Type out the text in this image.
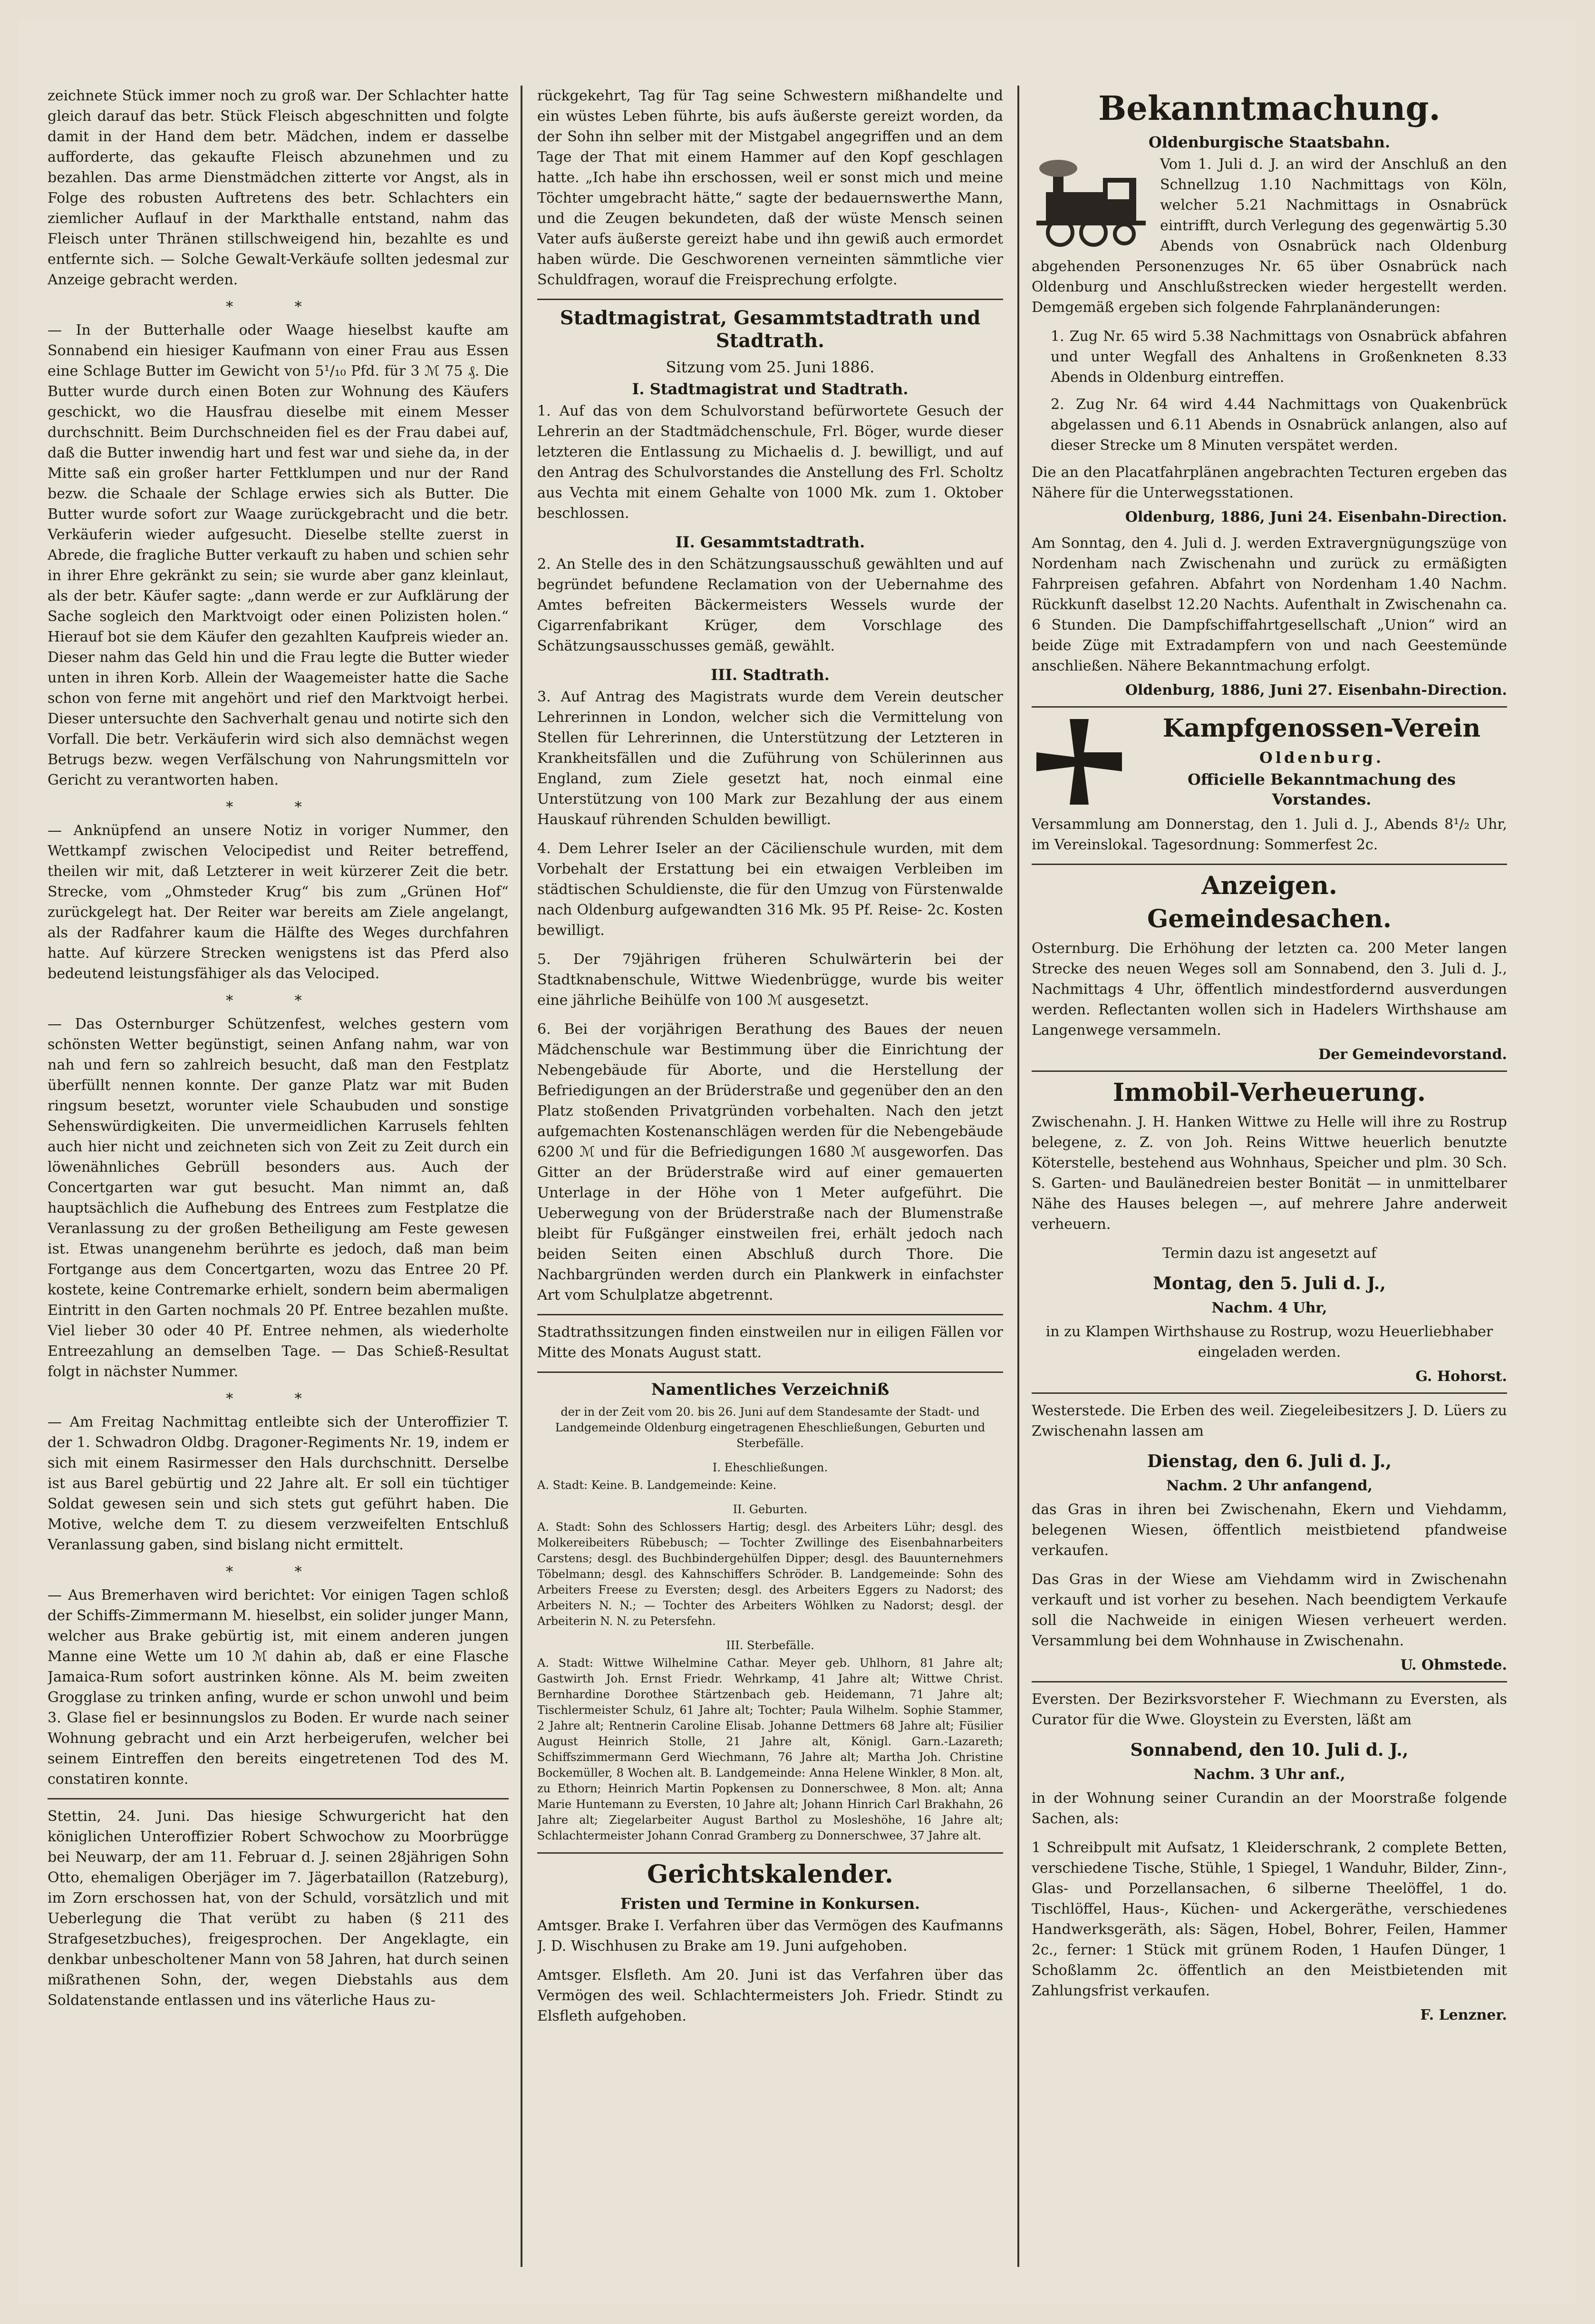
zeichnete Stück immer noch zu groß war. Der Schlachter hatte gleich darauf das betr. Stück Fleisch abgeschnitten und folgte damit in der Hand dem betr. Mädchen, indem er dasselbe aufforderte, das gekaufte Fleisch abzunehmen und zu bezahlen. Das arme Dienstmädchen zitterte vor Angst, als in Folge des robusten Auftretens des betr. Schlachters ein ziemlicher Auflauf in der Markthalle entstand, nahm das Fleisch unter Thränen stillschweigend hin, bezahlte es und entfernte sich. — Solche Gewalt-Verkäufe sollten jedesmal zur Anzeige gebracht werden.

* *

— In der Butterhalle oder Waage hieselbst kaufte am Sonnabend ein hiesiger Kaufmann von einer Frau aus Essen eine Schlage Butter im Gewicht von 5¹/₁₀ Pfd. für 3 ℳ 75 ₰. Die Butter wurde durch einen Boten zur Wohnung des Käufers geschickt, wo die Hausfrau dieselbe mit einem Messer durchschnitt. Beim Durchschneiden fiel es der Frau dabei auf, daß die Butter inwendig hart und fest war und siehe da, in der Mitte saß ein großer harter Fettklumpen und nur der Rand bezw. die Schaale der Schlage erwies sich als Butter. Die Butter wurde sofort zur Waage zurückgebracht und die betr. Verkäuferin wieder aufgesucht. Dieselbe stellte zuerst in Abrede, die fragliche Butter verkauft zu haben und schien sehr in ihrer Ehre gekränkt zu sein; sie wurde aber ganz kleinlaut, als der betr. Käufer sagte: „dann werde er zur Aufklärung der Sache sogleich den Marktvoigt oder einen Polizisten holen.“ Hierauf bot sie dem Käufer den gezahlten Kaufpreis wieder an. Dieser nahm das Geld hin und die Frau legte die Butter wieder unten in ihren Korb. Allein der Waagemeister hatte die Sache schon von ferne mit angehört und rief den Marktvoigt herbei. Dieser untersuchte den Sachverhalt genau und notirte sich den Vorfall. Die betr. Verkäuferin wird sich also demnächst wegen Betrugs bezw. wegen Verfälschung von Nahrungsmitteln vor Gericht zu verantworten haben.

* *

— Anknüpfend an unsere Notiz in voriger Nummer, den Wettkampf zwischen Velocipedist und Reiter betreffend, theilen wir mit, daß Letzterer in weit kürzerer Zeit die betr. Strecke, vom „Ohmsteder Krug“ bis zum „Grünen Hof“ zurückgelegt hat. Der Reiter war bereits am Ziele angelangt, als der Radfahrer kaum die Hälfte des Weges durchfahren hatte. Auf kürzere Strecken wenigstens ist das Pferd also bedeutend leistungsfähiger als das Velociped.

* *

— Das Osternburger Schützenfest, welches gestern vom schönsten Wetter begünstigt, seinen Anfang nahm, war von nah und fern so zahlreich besucht, daß man den Festplatz überfüllt nennen konnte. Der ganze Platz war mit Buden ringsum besetzt, worunter viele Schaubuden und sonstige Sehenswürdigkeiten. Die unvermeidlichen Karrusels fehlten auch hier nicht und zeichneten sich von Zeit zu Zeit durch ein löwenähnliches Gebrüll besonders aus. Auch der Concertgarten war gut besucht. Man nimmt an, daß hauptsächlich die Aufhebung des Entrees zum Festplatze die Veranlassung zu der großen Betheiligung am Feste gewesen ist. Etwas unangenehm berührte es jedoch, daß man beim Fortgange aus dem Concertgarten, wozu das Entree 20 Pf. kostete, keine Contremarke erhielt, sondern beim abermaligen Eintritt in den Garten nochmals 20 Pf. Entree bezahlen mußte. Viel lieber 30 oder 40 Pf. Entree nehmen, als wiederholte Entreezahlung an demselben Tage. — Das Schieß-Resultat folgt in nächster Nummer.

* *

— Am Freitag Nachmittag entleibte sich der Unteroffizier T. der 1. Schwadron Oldbg. Dragoner-Regiments Nr. 19, indem er sich mit einem Rasirmesser den Hals durchschnitt. Derselbe ist aus Barel gebürtig und 22 Jahre alt. Er soll ein tüchtiger Soldat gewesen sein und sich stets gut geführt haben. Die Motive, welche dem T. zu diesem verzweifelten Entschluß Veranlassung gaben, sind bislang nicht ermittelt.

* *

— Aus Bremerhaven wird berichtet: Vor einigen Tagen schloß der Schiffs-Zimmermann M. hieselbst, ein solider junger Mann, welcher aus Brake gebürtig ist, mit einem anderen jungen Manne eine Wette um 10 ℳ dahin ab, daß er eine Flasche Jamaica-Rum sofort austrinken könne. Als M. beim zweiten Grogglase zu trinken anfing, wurde er schon unwohl und beim 3. Glase fiel er besinnungslos zu Boden. Er wurde nach seiner Wohnung gebracht und ein Arzt herbeigerufen, welcher bei seinem Eintreffen den bereits eingetretenen Tod des M. constatiren konnte.

Stettin, 24. Juni. Das hiesige Schwurgericht hat den königlichen Unteroffizier Robert Schwochow zu Moorbrügge bei Neuwarp, der am 11. Februar d. J. seinen 28jährigen Sohn Otto, ehemaligen Oberjäger im 7. Jägerbataillon (Ratzeburg), im Zorn erschossen hat, von der Schuld, vorsätzlich und mit Ueberlegung die That verübt zu haben (§ 211 des Strafgesetzbuches), freigesprochen. Der Angeklagte, ein denkbar unbescholtener Mann von 58 Jahren, hat durch seinen mißrathenen Sohn, der, wegen Diebstahls aus dem Soldatenstande entlassen und ins väterliche Haus zu-

rückgekehrt, Tag für Tag seine Schwestern mißhandelte und ein wüstes Leben führte, bis aufs äußerste gereizt worden, da der Sohn ihn selber mit der Mistgabel angegriffen und an dem Tage der That mit einem Hammer auf den Kopf geschlagen hatte. „Ich habe ihn erschossen, weil er sonst mich und meine Töchter umgebracht hätte,“ sagte der bedauernswerthe Mann, und die Zeugen bekundeten, daß der wüste Mensch seinen Vater aufs äußerste gereizt habe und ihn gewiß auch ermordet haben würde. Die Geschworenen verneinten sämmtliche vier Schuldfragen, worauf die Freisprechung erfolgte.

Stadtmagistrat, Gesammtstadtrath und Stadtrath.
Sitzung vom 25. Juni 1886.
I. Stadtmagistrat und Stadtrath.

1. Auf das von dem Schulvorstand befürwortete Gesuch der Lehrerin an der Stadtmädchenschule, Frl. Böger, wurde dieser letzteren die Entlassung zu Michaelis d. J. bewilligt, und auf den Antrag des Schulvorstandes die Anstellung des Frl. Scholtz aus Vechta mit einem Gehalte von 1000 Mk. zum 1. Oktober beschlossen.

II. Gesammtstadtrath.

2. An Stelle des in den Schätzungsausschuß gewählten und auf begründet befundene Reclamation von der Uebernahme des Amtes befreiten Bäckermeisters Wessels wurde der Cigarrenfabrikant Krüger, dem Vorschlage des Schätzungsausschusses gemäß, gewählt.

III. Stadtrath.

3. Auf Antrag des Magistrats wurde dem Verein deutscher Lehrerinnen in London, welcher sich die Vermittelung von Stellen für Lehrerinnen, die Unterstützung der Letzteren in Krankheitsfällen und die Zuführung von Schülerinnen aus England, zum Ziele gesetzt hat, noch einmal eine Unterstützung von 100 Mark zur Bezahlung der aus einem Hauskauf rührenden Schulden bewilligt.

4. Dem Lehrer Iseler an der Cäcilienschule wurden, mit dem Vorbehalt der Erstattung bei ein etwaigen Verbleiben im städtischen Schuldienste, die für den Umzug von Fürstenwalde nach Oldenburg aufgewandten 316 Mk. 95 Pf. Reise- 2c. Kosten bewilligt.

5. Der 79jährigen früheren Schulwärterin bei der Stadtknabenschule, Wittwe Wiedenbrügge, wurde bis weiter eine jährliche Beihülfe von 100 ℳ ausgesetzt.

6. Bei der vorjährigen Berathung des Baues der neuen Mädchenschule war Bestimmung über die Einrichtung der Nebengebäude für Aborte, und die Herstellung der Befriedigungen an der Brüderstraße und gegenüber den an den Platz stoßenden Privatgründen vorbehalten. Nach den jetzt aufgemachten Kostenanschlägen werden für die Nebengebäude 6200 ℳ und für die Befriedigungen 1680 ℳ ausgeworfen. Das Gitter an der Brüderstraße wird auf einer gemauerten Unterlage in der Höhe von 1 Meter aufgeführt. Die Ueberwegung von der Brüderstraße nach der Blumenstraße bleibt für Fußgänger einstweilen frei, erhält jedoch nach beiden Seiten einen Abschluß durch Thore. Die Nachbargründen werden durch ein Plankwerk in einfachster Art vom Schulplatze abgetrennt.

Stadtrathssitzungen finden einstweilen nur in eiligen Fällen vor Mitte des Monats August statt.

Namentliches Verzeichniß

der in der Zeit vom 20. bis 26. Juni auf dem Standesamte der Stadt- und Landgemeinde Oldenburg eingetragenen Eheschließungen, Geburten und Sterbefälle.

I. Eheschließungen.

A. Stadt: Keine. B. Landgemeinde: Keine.

II. Geburten.

A. Stadt: Sohn des Schlossers Hartig; desgl. des Arbeiters Lühr; desgl. des Molkereibeiters Rübebusch; — Tochter Zwillinge des Eisenbahnarbeiters Carstens; desgl. des Buchbindergehülfen Dipper; desgl. des Bauunternehmers Töbelmann; desgl. des Kahnschiffers Schröder. B. Landgemeinde: Sohn des Arbeiters Freese zu Eversten; desgl. des Arbeiters Eggers zu Nadorst; des Arbeiters N. N.; — Tochter des Arbeiters Wöhlken zu Nadorst; desgl. der Arbeiterin N. N. zu Petersfehn.

III. Sterbefälle.

A. Stadt: Wittwe Wilhelmine Cathar. Meyer geb. Uhlhorn, 81 Jahre alt; Gastwirth Joh. Ernst Friedr. Wehrkamp, 41 Jahre alt; Wittwe Christ. Bernhardine Dorothee Stärtzenbach geb. Heidemann, 71 Jahre alt; Tischlermeister Schulz, 61 Jahre alt; Tochter; Paula Wilhelm. Sophie Stammer, 2 Jahre alt; Rentnerin Caroline Elisab. Johanne Dettmers 68 Jahre alt; Füsilier August Heinrich Stolle, 21 Jahre alt, Königl. Garn.-Lazareth; Schiffszimmermann Gerd Wiechmann, 76 Jahre alt; Martha Joh. Christine Bockemüller, 8 Wochen alt. B. Landgemeinde: Anna Helene Winkler, 8 Mon. alt, zu Ethorn; Heinrich Martin Popkensen zu Donnerschwee, 8 Mon. alt; Anna Marie Huntemann zu Eversten, 10 Jahre alt; Johann Hinrich Carl Brakhahn, 26 Jahre alt; Ziegelarbeiter August Barthol zu Mosleshöhe, 16 Jahre alt; Schlachtermeister Johann Conrad Gramberg zu Donnerschwee, 37 Jahre alt.

Gerichtskalender.
Fristen und Termine in Konkursen.

Amtsger. Brake I. Verfahren über das Vermögen des Kaufmanns J. D. Wischhusen zu Brake am 19. Juni aufgehoben.

Amtsger. Elsfleth. Am 20. Juni ist das Verfahren über das Vermögen des weil. Schlachtermeisters Joh. Friedr. Stindt zu Elsfleth aufgehoben.

Bekanntmachung.
Oldenburgische Staatsbahn.

Vom 1. Juli d. J. an wird der Anschluß an den Schnellzug 1.10 Nachmittags von Köln, welcher 5.21 Nachmittags in Osnabrück eintrifft, durch Verlegung des gegenwärtig 5.30 Abends von Osnabrück nach Oldenburg abgehenden Personenzuges Nr. 65 über Osnabrück nach Oldenburg und Anschlußstrecken wieder hergestellt werden. Demgemäß ergeben sich folgende Fahrplanänderungen:

1. Zug Nr. 65 wird 5.38 Nachmittags von Osnabrück abfahren und unter Wegfall des Anhaltens in Großenkneten 8.33 Abends in Oldenburg eintreffen.

2. Zug Nr. 64 wird 4.44 Nachmittags von Quakenbrück abgelassen und 6.11 Abends in Osnabrück anlangen, also auf dieser Strecke um 8 Minuten verspätet werden.

Die an den Placatfahrplänen angebrachten Tecturen ergeben das Nähere für die Unterwegsstationen.

Oldenburg, 1886, Juni 24. Eisenbahn-Direction.

Am Sonntag, den 4. Juli d. J. werden Extravergnügungszüge von Nordenham nach Zwischenahn und zurück zu ermäßigten Fahrpreisen gefahren. Abfahrt von Nordenham 1.40 Nachm. Rückkunft daselbst 12.20 Nachts. Aufenthalt in Zwischenahn ca. 6 Stunden. Die Dampfschiffahrtgesellschaft „Union“ wird an beide Züge mit Extradampfern von und nach Geestemünde anschließen. Nähere Bekanntmachung erfolgt.

Oldenburg, 1886, Juni 27. Eisenbahn-Direction.
Kampfgenossen-Verein
Oldenburg.
Officielle Bekanntmachung des Vorstandes.

Versammlung am Donnerstag, den 1. Juli d. J., Abends 8¹/₂ Uhr, im Vereinslokal. Tagesordnung: Sommerfest 2c.

Anzeigen.
Gemeindesachen.

Osternburg. Die Erhöhung der letzten ca. 200 Meter langen Strecke des neuen Weges soll am Sonnabend, den 3. Juli d. J., Nachmittags 4 Uhr, öffentlich mindestfordernd ausverdungen werden. Reflectanten wollen sich in Hadelers Wirthshause am Langenwege versammeln.

Der Gemeindevorstand.
Immobil-Verheuerung.

Zwischenahn. J. H. Hanken Wittwe zu Helle will ihre zu Rostrup belegene, z. Z. von Joh. Reins Wittwe heuerlich benutzte Köterstelle, bestehend aus Wohnhaus, Speicher und plm. 30 Sch. S. Garten- und Baulänedreien bester Bonität — in unmittelbarer Nähe des Hauses belegen —, auf mehrere Jahre anderweit verheuern.

Termin dazu ist angesetzt auf

Montag, den 5. Juli d. J.,
Nachm. 4 Uhr,

in zu Klampen Wirthshause zu Rostrup, wozu Heuerliebhaber eingeladen werden.

G. Hohorst.

Westerstede. Die Erben des weil. Ziegeleibesitzers J. D. Lüers zu Zwischenahn lassen am

Dienstag, den 6. Juli d. J.,
Nachm. 2 Uhr anfangend,

das Gras in ihren bei Zwischenahn, Ekern und Viehdamm, belegenen Wiesen, öffentlich meistbietend pfandweise verkaufen.

Das Gras in der Wiese am Viehdamm wird in Zwischenahn verkauft und ist vorher zu besehen. Nach beendigtem Verkaufe soll die Nachweide in einigen Wiesen verheuert werden. Versammlung bei dem Wohnhause in Zwischenahn.

U. Ohmstede.

Eversten. Der Bezirksvorsteher F. Wiechmann zu Eversten, als Curator für die Wwe. Gloystein zu Eversten, läßt am

Sonnabend, den 10. Juli d. J.,
Nachm. 3 Uhr anf.,

in der Wohnung seiner Curandin an der Moorstraße folgende Sachen, als:

1 Schreibpult mit Aufsatz, 1 Kleiderschrank, 2 complete Betten, verschiedene Tische, Stühle, 1 Spiegel, 1 Wanduhr, Bilder, Zinn-, Glas- und Porzellansachen, 6 silberne Theelöffel, 1 do. Tischlöffel, Haus-, Küchen- und Ackergeräthe, verschiedenes Handwerksgeräth, als: Sägen, Hobel, Bohrer, Feilen, Hammer 2c., ferner: 1 Stück mit grünem Roden, 1 Haufen Dünger, 1 Schoßlamm 2c. öffentlich an den Meistbietenden mit Zahlungsfrist verkaufen.

F. Lenzner.
